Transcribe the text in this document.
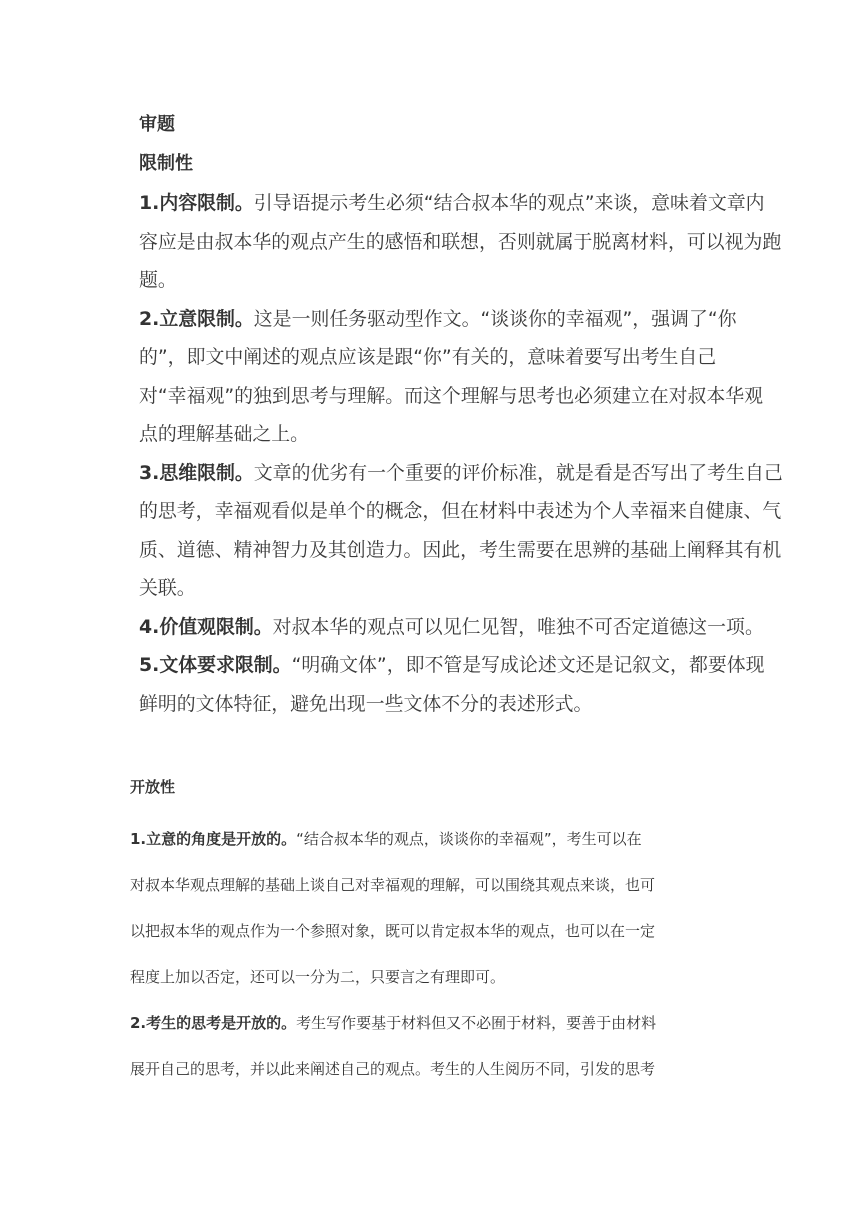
审题
限制性
1.内容限制。引导语提示考生必须“结合叔本华的观点”来谈，意味着文章内
容应是由叔本华的观点产生的感悟和联想，否则就属于脱离材料，可以视为跑
题。
2.立意限制。这是一则任务驱动型作文。“谈谈你的幸福观”，强调了“你
的”，即文中阐述的观点应该是跟“你”有关的，意味着要写出考生自己
对“幸福观”的独到思考与理解。而这个理解与思考也必须建立在对叔本华观
点的理解基础之上。
3.思维限制。文章的优劣有一个重要的评价标准，就是看是否写出了考生自己
的思考，幸福观看似是单个的概念，但在材料中表述为个人幸福来自健康、气
质、道德、精神智力及其创造力。因此，考生需要在思辨的基础上阐释其有机
关联。
4.价值观限制。对叔本华的观点可以见仁见智，唯独不可否定道德这一项。
5.文体要求限制。“明确文体”，即不管是写成论述文还是记叙文，都要体现
鲜明的文体特征，避免出现一些文体不分的表述形式。
开放性
1.立意的角度是开放的。“结合叔本华的观点，谈谈你的幸福观”，考生可以在
对叔本华观点理解的基础上谈自己对幸福观的理解，可以围绕其观点来谈，也可
以把叔本华的观点作为一个参照对象，既可以肯定叔本华的观点，也可以在一定
程度上加以否定，还可以一分为二，只要言之有理即可。
2.考生的思考是开放的。考生写作要基于材料但又不必囿于材料，要善于由材料
展开自己的思考，并以此来阐述自己的观点。考生的人生阅历不同，引发的思考
